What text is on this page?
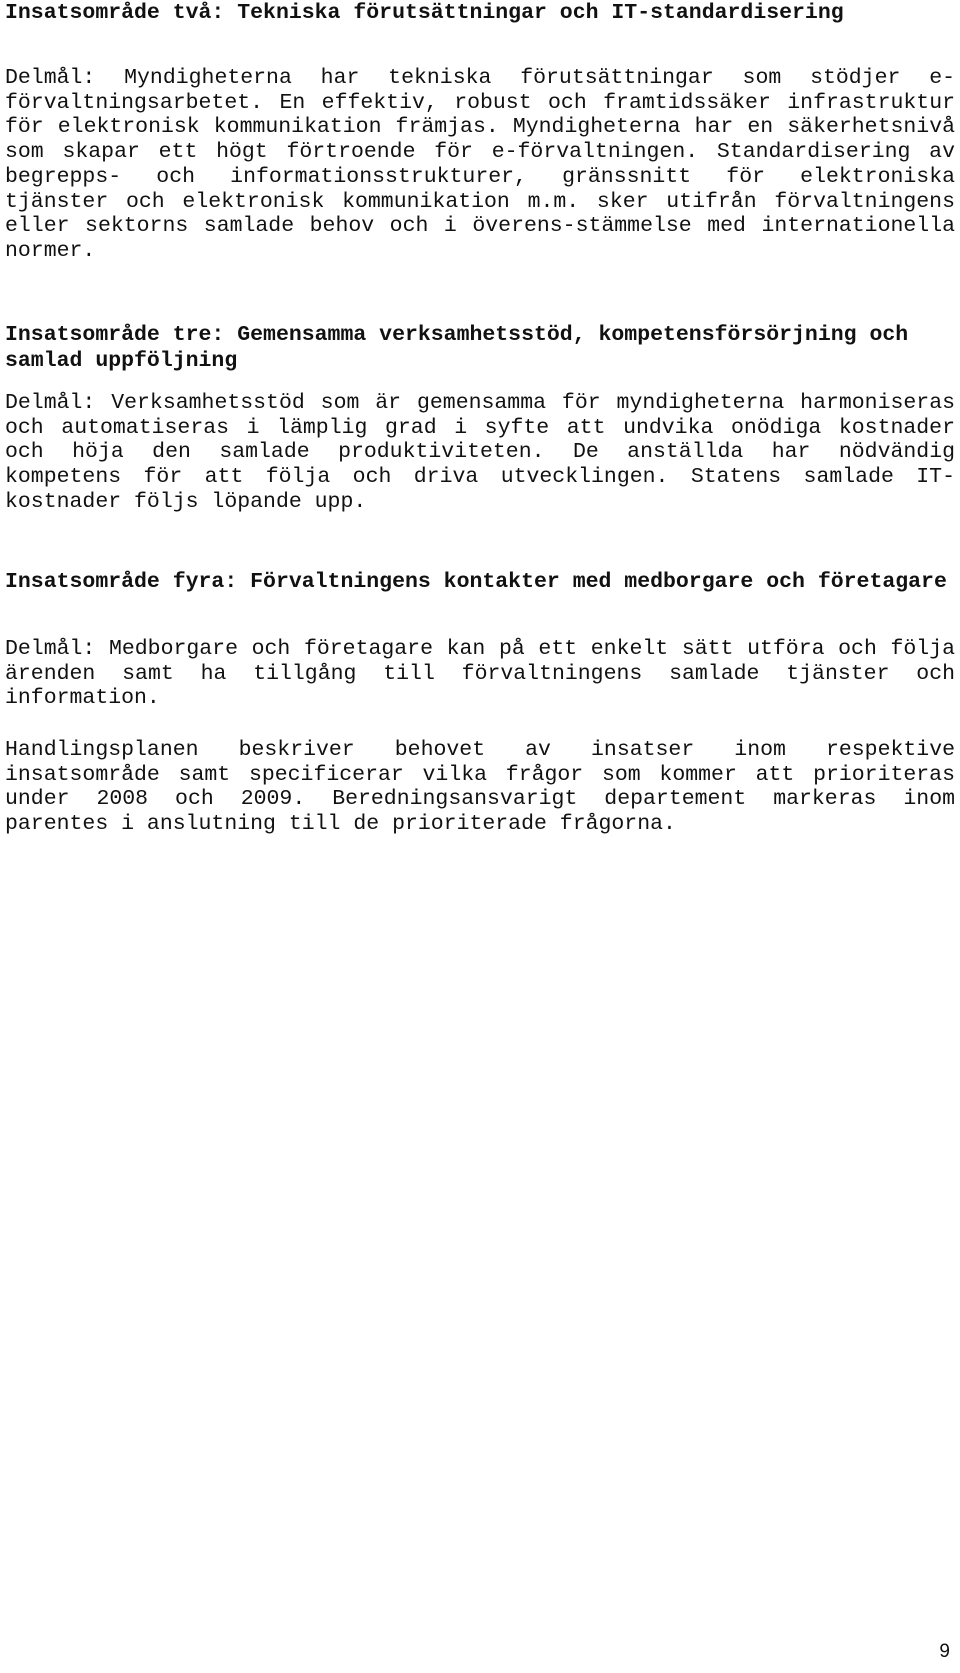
Insatsområde två: Tekniska förutsättningar och IT-standardisering

Delmål: Myndigheterna har tekniska förutsättningar som stödjer e-förvaltningsarbetet. En effektiv, robust och framtidssäker infrastruktur för elektronisk kommunikation främjas. Myndigheterna har en säkerhetsnivå som skapar ett högt förtroende för e-förvaltningen. Standardisering av begrepps- och informationsstrukturer, gränssnitt för elektroniska tjänster och elektronisk kommunikation m.m. sker utifrån förvaltningens eller sektorns samlade behov och i överens-stämmelse med internationella normer.

Insatsområde tre: Gemensamma verksamhetsstöd, kompetensförsörjning och samlad uppföljning

Delmål: Verksamhetsstöd som är gemensamma för myndigheterna harmoniseras och automatiseras i lämplig grad i syfte att undvika onödiga kostnader och höja den samlade produktiviteten. De anställda har nödvändig kompetens för att följa och driva utvecklingen. Statens samlade IT-kostnader följs löpande upp.

Insatsområde fyra: Förvaltningens kontakter med medborgare och företagare

Delmål: Medborgare och företagare kan på ett enkelt sätt utföra och följa ärenden samt ha tillgång till förvaltningens samlade tjänster och information.

Handlingsplanen beskriver behovet av insatser inom respektive insatsområde samt specificerar vilka frågor som kommer att prioriteras under 2008 och 2009. Beredningsansvarigt departement markeras inom parentes i anslutning till de prioriterade frågorna.

9
